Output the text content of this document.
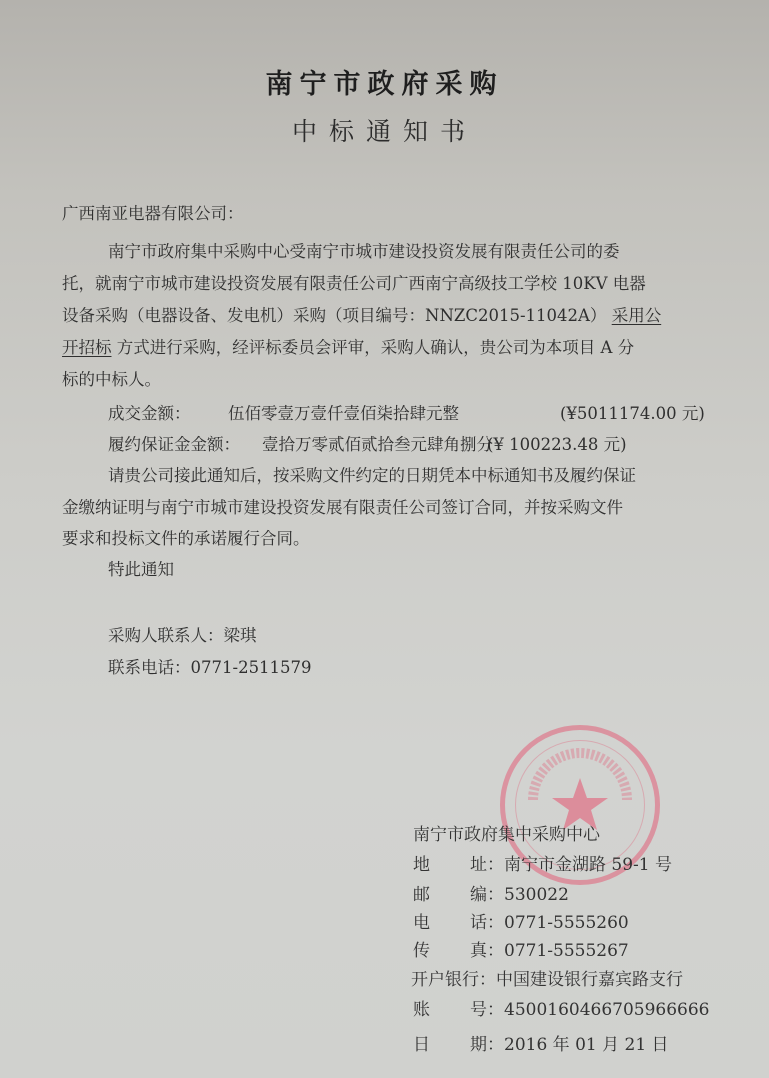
南宁市政府采购
中标通知书
广西南亚电器有限公司：
南宁市政府集中采购中心受南宁市城市建设投资发展有限责任公司的委
托，就南宁市城市建设投资发展有限责任公司广西南宁高级技工学校 10KV 电器
设备采购（电器设备、发电机）采购（项目编号：NNZC2015-11042A） 采用公
开招标 方式进行采购，经评标委员会评审，采购人确认，贵公司为本项目 A 分
标的中标人。
成交金额： 伍佰零壹万壹仟壹佰柒拾肆元整	(¥5011174.00 元)
履约保证金金额： 壹拾万零贰佰贰拾叁元肆角捌分
(¥ 100223.48 元)
请贵公司接此通知后，按采购文件约定的日期凭本中标通知书及履约保证
金缴纳证明与南宁市城市建设投资发展有限责任公司签订合同，并按采购文件
要求和投标文件的承诺履行合同。
特此通知
采购人联系人：梁琪
联系电话：0771-2511579
南宁市政府集中采购中心
地 址：南宁市金湖路 59-1 号
邮 编：530022
电 话：0771-5555260
传 真：0771-5555267
开户银行：中国建设银行嘉宾路支行
账 号：4500160466705966666
日 期：2016 年 01 月 21 日
